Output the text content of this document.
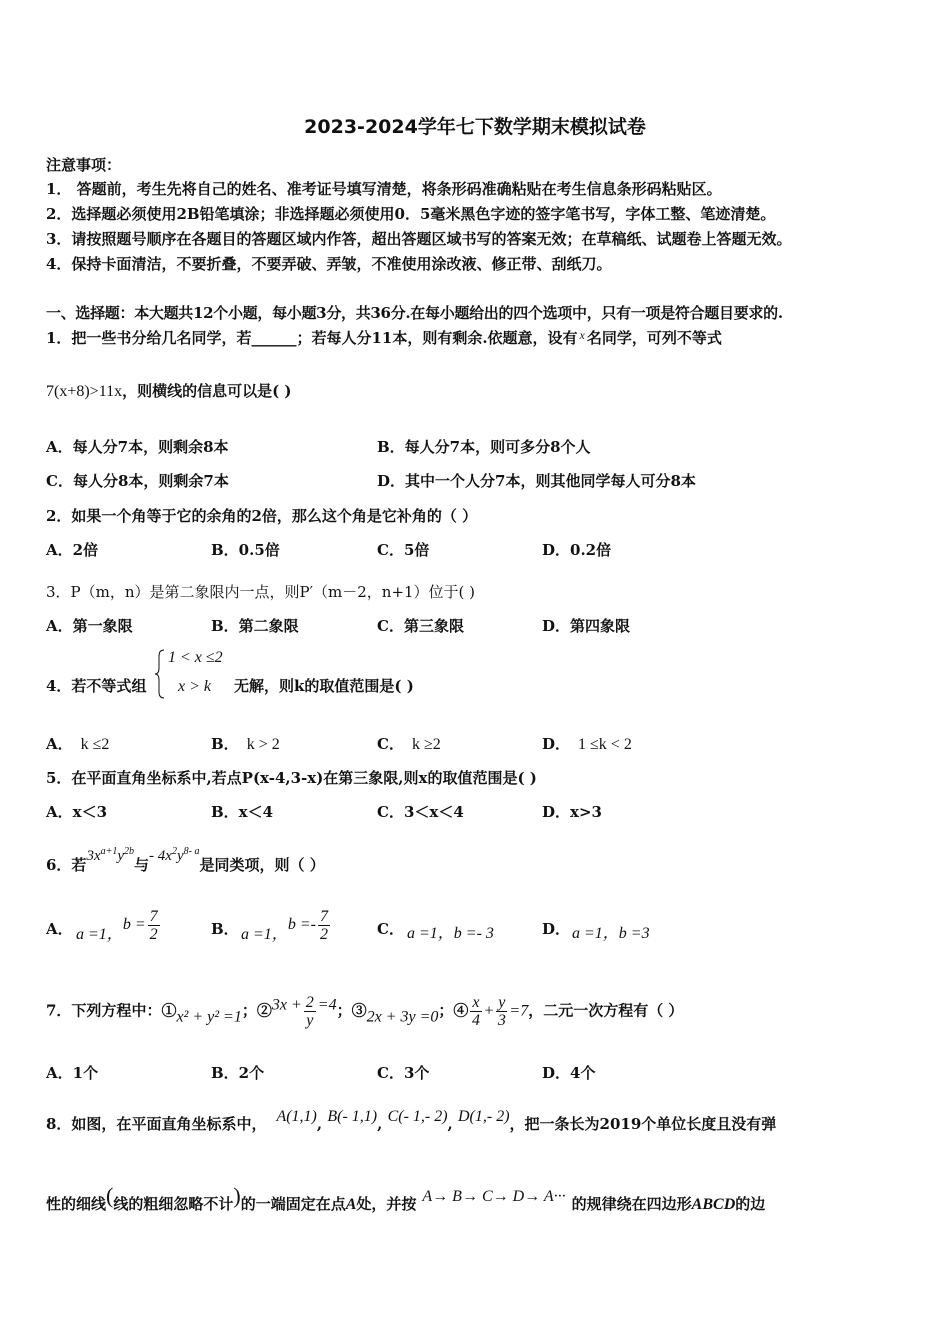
2023-2024学年七下数学期末模拟试卷
注意事项：
1． 答题前，考生先将自己的姓名、准考证号填写清楚，将条形码准确粘贴在考生信息条形码粘贴区。
2．选择题必须使用2B铅笔填涂；非选择题必须使用0．5毫米黑色字迹的签字笔书写，字体工整、笔迹清楚。
3．请按照题号顺序在各题目的答题区域内作答，超出答题区域书写的答案无效；在草稿纸、试题卷上答题无效。
4．保持卡面清洁，不要折叠，不要弄破、弄皱，不准使用涂改液、修正带、刮纸刀。
一、选择题：本大题共12个小题，每小题3分，共36分.在每小题给出的四个选项中，只有一项是符合题目要求的.
1．把一些书分给几名同学，若______；若每人分11本，则有剩余.依题意，设有 $^x$ 名同学，可列不等式
7(x+8)>11x，则横线的信息可以是( )
A．每人分7本，则剩余8本	B．每人分7本，则可多分8个人
C．每人分8本，则剩余7本	D．其中一个人分7本，则其他同学每人可分8本
2．如果一个角等于它的余角的2倍，那么这个角是它补角的（ ）
A．2倍	B．0.5倍	C．5倍	D．0.2倍
3．P（m，n）是第二象限内一点，则P′（m－2，n+1）位于( )
A．第一象限	B．第二象限	C．第三象限	D．第四象限
4．若不等式组
1 < x ≤2
x > k 无解，则k的取值范围是( )
A． k ≤2	B． k > 2	C． k ≥2	D． 1 ≤k < 2
5．在平面直角坐标系中,若点P(x-4,3-x)在第三象限,则x的取值范围是( )
A．x＜3	B．x＜4	C．3＜x＜4	D．x>3
6．若$3x^{a+1}y^{2b}$与- $4x^2y^{8- a}$是同类项，则（ ）
A． a =1，$b = \frac{7}{2}$	B． a =1，$b =- \frac{7}{2}$	C． a =1，b =- 3	D． a =1，b =3
7．下列方程中：①x² + y² =1；②3x + $\frac{2}{y} =4$；③2x + 3y =0；④ $\frac{x}{4} + \frac{y}{3} =7$，二元一次方程有（ ）
A．1个	B．2个	C．3个	D．4个
8．如图，在平面直角坐标系中， A(1,1), B(- 1,1), C(- 1,- 2), D(1,- 2)，把一条长为2019个单位长度且没有弹
性的细线(线的粗细忽略不计)的一端固定在点A处，并按 A→ B→ C→ D→ A··· 的规律绕在四边形ABCD的边
